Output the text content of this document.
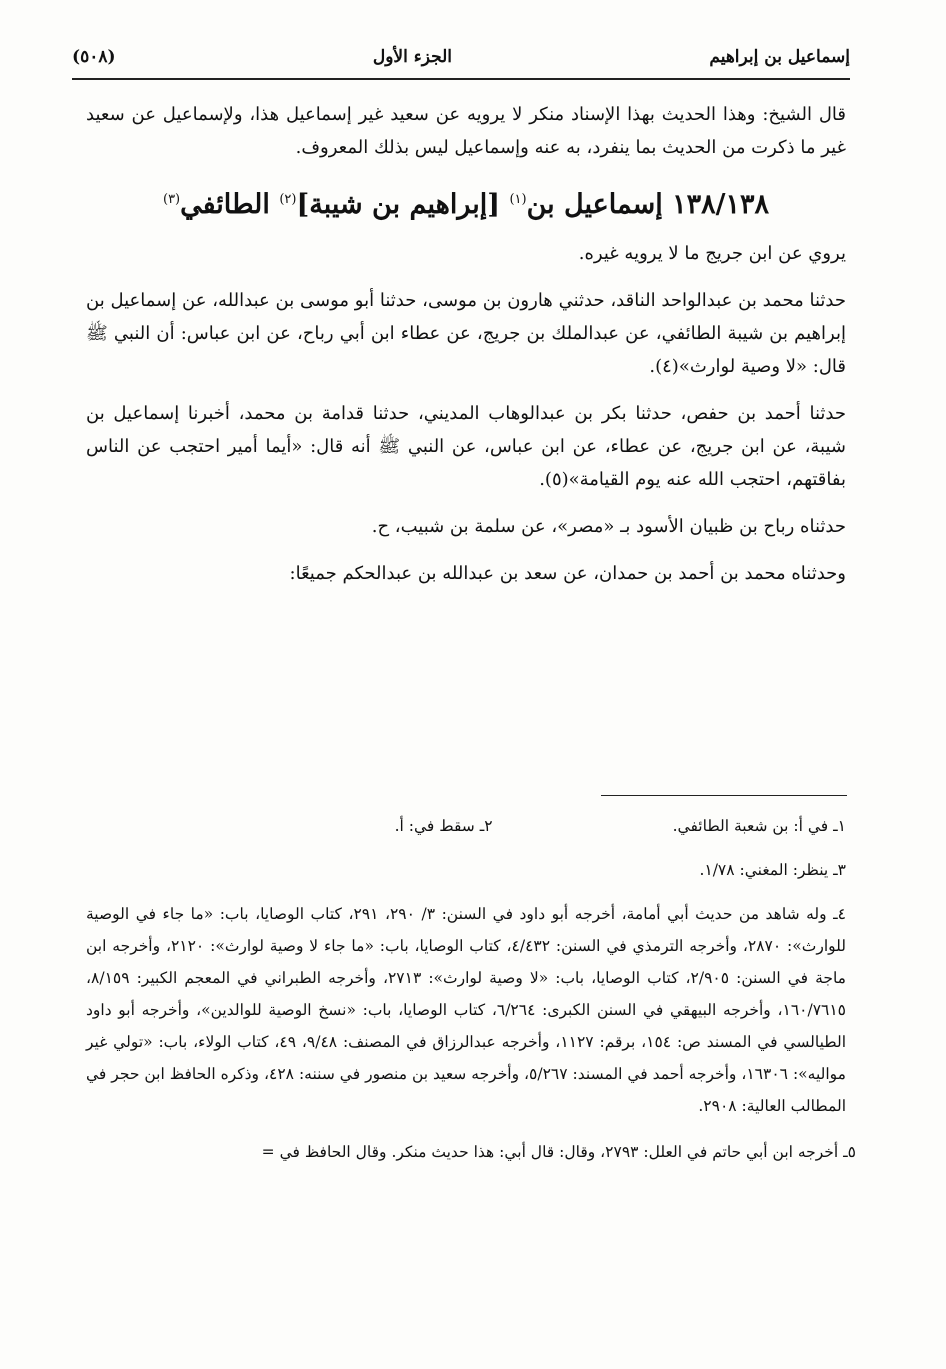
إسماعيل بن إبراهيم
الجزء الأول
(٥٠٨)

قال الشيخ: وهذا الحديث بهذا الإسناد منكر لا يرويه عن سعيد غير إسماعيل هذا، ولإسماعيل عن سعيد غير ما ذكرت من الحديث بما ينفرد، به عنه وإسماعيل ليس بذلك المعروف.

١٣٨/١٣٨ إسماعيل بن$^{(١)}$ [إبراهيم بن شيبة]$^{(٢)}$ الطائفي$^{(٣)}$

يروي عن ابن جريج ما لا يرويه غيره.

حدثنا محمد بن عبدالواحد الناقد، حدثني هارون بن موسى، حدثنا أبو موسى بن عبدالله، عن إسماعيل بن إبراهيم بن شيبة الطائفي، عن عبدالملك بن جريج، عن عطاء ابن أبي رباح، عن ابن عباس: أن النبي ﷺ قال: «لا وصية لوارث»(٤).

حدثنا أحمد بن حفص، حدثنا بكر بن عبدالوهاب المديني، حدثنا قدامة بن محمد، أخبرنا إسماعيل بن شيبة، عن ابن جريج، عن عطاء، عن ابن عباس، عن النبي ﷺ أنه قال: «أيما أمير احتجب عن الناس بفاقتهم، احتجب الله عنه يوم القيامة»(٥).

حدثناه رباح بن ظبيان الأسود بـ «مصر»، عن سلمة بن شبيب، ح.

وحدثناه محمد بن أحمد بن حمدان، عن سعد بن عبدالله بن عبدالحكم جميعًا:

١ـ في أ: بن شعبة الطائفي.
٢ـ سقط في: أ.

٣ـ ينظر: المغني: ١/٧٨.

٤ـ وله شاهد من حديث أبي أمامة، أخرجه أبو داود في السنن: ٣/ ٢٩٠، ٢٩١، كتاب الوصايا، باب: «ما جاء في الوصية للوارث»: ٢٨٧٠، وأخرجه الترمذي في السنن: ٤/٤٣٢، كتاب الوصايا، باب: «ما جاء لا وصية لوارث»: ٢١٢٠، وأخرجه ابن ماجة في السنن: ٢/٩٠٥، كتاب الوصايا، باب: «لا وصية لوارث»: ٢٧١٣، وأخرجه الطبراني في المعجم الكبير: ٨/١٥٩، ١٦٠/٧٦١٥، وأخرجه البيهقي في السنن الكبرى: ٦/٢٦٤، كتاب الوصايا، باب: «نسخ الوصية للوالدين»، وأخرجه أبو داود الطيالسي في المسند ص: ١٥٤، برقم: ١١٢٧، وأخرجه عبدالرزاق في المصنف: ٩/٤٨، ٤٩، كتاب الولاء، باب: «تولي غير مواليه»: ١٦٣٠٦، وأخرجه أحمد في المسند: ٥/٢٦٧، وأخرجه سعيد بن منصور في سننه: ٤٢٨، وذكره الحافظ ابن حجر في المطالب العالية: ٢٩٠٨.

٥ـ أخرجه ابن أبي حاتم في العلل: ٢٧٩٣، وقال: قال أبي: هذا حديث منكر. وقال الحافظ في =
